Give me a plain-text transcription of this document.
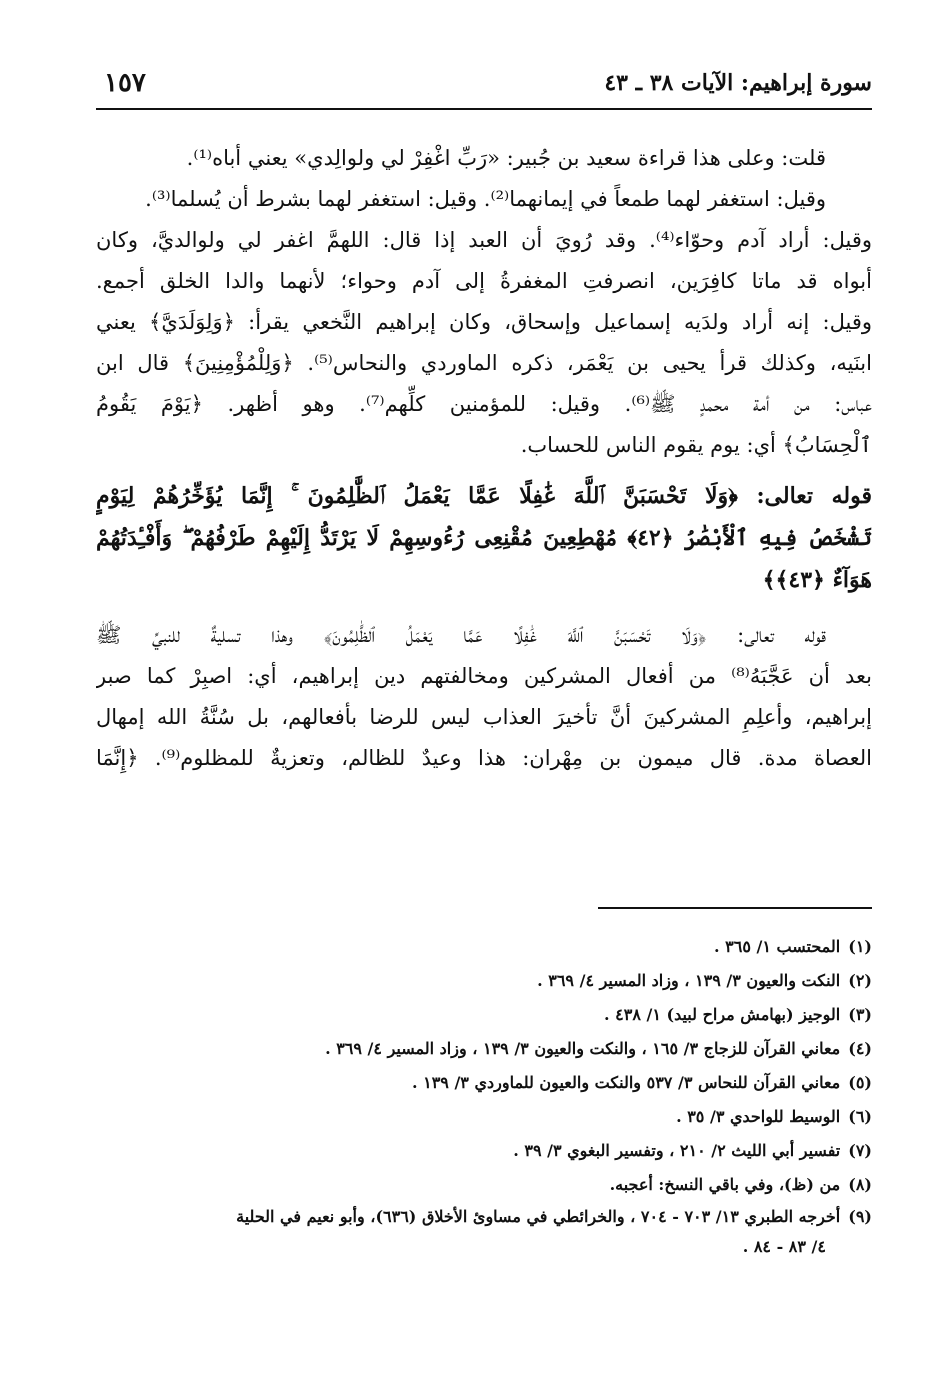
سورة إبراهيم: الآيات ٣٨ ـ ٤٣
١٥٧
قلت: وعلى هذا قراءة سعيد بن جُبير: «رَبِّ اغْفِرْ لي ولوالِدي» يعني أباه⁽¹⁾.
وقيل: استغفر لهما طمعاً في إيمانهما⁽²⁾. وقيل: استغفر لهما بشرط أن يُسلما⁽³⁾.
وقيل: أراد آدم وحوّاء⁽⁴⁾. وقد رُويَ أن العبد إذا قال: اللهمَّ اغفر لي ولوالديَّ، وكان
أبواه قد ماتا كافِرَين، انصرفتِ المغفرةُ إلى آدم وحواء؛ لأنهما والدا الخلق أجمع.
وقيل: إنه أراد ولدَيه إسماعيل وإسحاق، وكان إبراهيم النَّخعي يقرأ: ﴿وَلِوَلَدَيَّ﴾ يعني
ابنَيه، وكذلك قرأ يحيى بن يَعْمَر، ذكره الماوردي والنحاس⁽⁵⁾. ﴿وَلِلْمُؤْمِنِينَ﴾ قال ابن
عباس: من أمة محمدٍ ﷺ⁽⁶⁾. وقيل: للمؤمنين كلِّهم⁽⁷⁾. وهو أظهر. ﴿يَوْمَ يَقُومُ
ٱلْحِسَابُ﴾ أي: يوم يقوم الناس للحساب.
قوله تعالى: ﴿وَلَا تَحْسَبَنَّ ٱللَّهَ غَٰفِلًا عَمَّا يَعْمَلُ ٱلظَّٰلِمُونَ ۚ إِنَّمَا يُؤَخِّرُهُمْ لِيَوْمٍ
تَشْخَصُ فِيهِ ٱلْأَبْصَٰرُ ﴿٤٢﴾ مُهْطِعِينَ مُقْنِعِى رُءُوسِهِمْ لَا يَرْتَدُّ إِلَيْهِمْ طَرْفُهُمْ ۖ وَأَفْـِٔدَتُهُمْ
هَوَآءٌ ﴿٤٣﴾﴾
قوله تعالى: ﴿وَلَا تَحْسَبَنَّ ٱللَّهَ غَٰفِلًا عَمَّا يَعْمَلُ ٱلظَّٰلِمُونَ﴾ وهذا تسليةٌ للنبيِّ ﷺ
بعد أن عَجَّبَهُ⁽⁸⁾ من أفعال المشركين ومخالفتهم دين إبراهيم، أي: اصبِرْ كما صبر
إبراهيم، وأعلِمِ المشركينَ أنَّ تأخيرَ العذاب ليس للرضا بأفعالهم، بل سُنَّةُ الله إمهال
العصاة مدة. قال ميمون بن مِهْران: هذا وعيدٌ للظالم، وتعزيةٌ للمظلوم⁽⁹⁾. ﴿إِنَّمَا
(١)المحتسب ١/ ٣٦٥ .
(٢)النكت والعيون ٣/ ١٣٩ ، وزاد المسير ٤/ ٣٦٩ .
(٣)الوجيز (بهامش مراح لبيد) ١/ ٤٣٨ .
(٤)معاني القرآن للزجاج ٣/ ١٦٥ ، والنكت والعيون ٣/ ١٣٩ ، وزاد المسير ٤/ ٣٦٩ .
(٥)معاني القرآن للنحاس ٣/ ٥٣٧ والنكت والعيون للماوردي ٣/ ١٣٩ .
(٦)الوسيط للواحدي ٣/ ٣٥ .
(٧)تفسير أبي الليث ٢/ ٢١٠ ، وتفسير البغوي ٣/ ٣٩ .
(٨)من (ظ)، وفي باقي النسخ: أعجبه.
(٩)أخرجه الطبري ١٣/ ٧٠٣ - ٧٠٤ ، والخرائطي في مساوئ الأخلاق (٦٣٦)، وأبو نعيم في الحلية
٤/ ٨٣ - ٨٤ .
